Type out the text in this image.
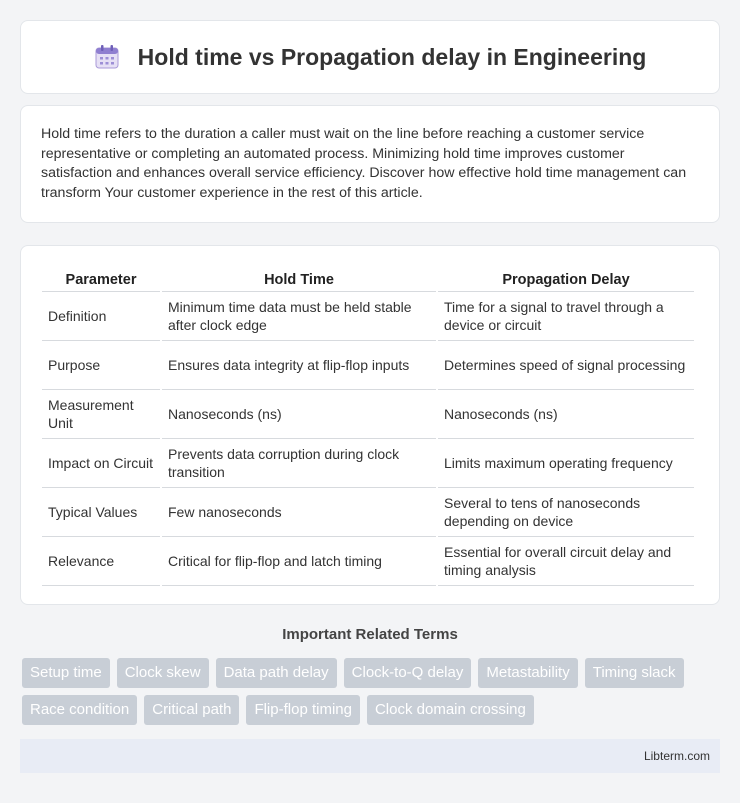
Hold time vs Propagation delay in Engineering

Hold time refers to the duration a caller must wait on the line before reaching a customer service representative or completing an automated process. Minimizing hold time improves customer satisfaction and enhances overall service efficiency. Discover how effective hold time management can transform Your customer experience in the rest of this article.

Parameter	Hold Time	Propagation Delay
Definition	Minimum time data must be held stable after clock edge	Time for a signal to travel through a device or circuit
Purpose	Ensures data integrity at flip-flop inputs	Determines speed of signal processing
Measurement Unit	Nanoseconds (ns)	Nanoseconds (ns)
Impact on Circuit	Prevents data corruption during clock transition	Limits maximum operating frequency
Typical Values	Few nanoseconds	Several to tens of nanoseconds depending on device
Relevance	Critical for flip-flop and latch timing	Essential for overall circuit delay and timing analysis
Important Related Terms
Setup time	Clock skew	Data path delay	Clock-to-Q delay	Metastability	Timing slack
Race condition	Critical path	Flip-flop timing	Clock domain crossing
Libterm.com
